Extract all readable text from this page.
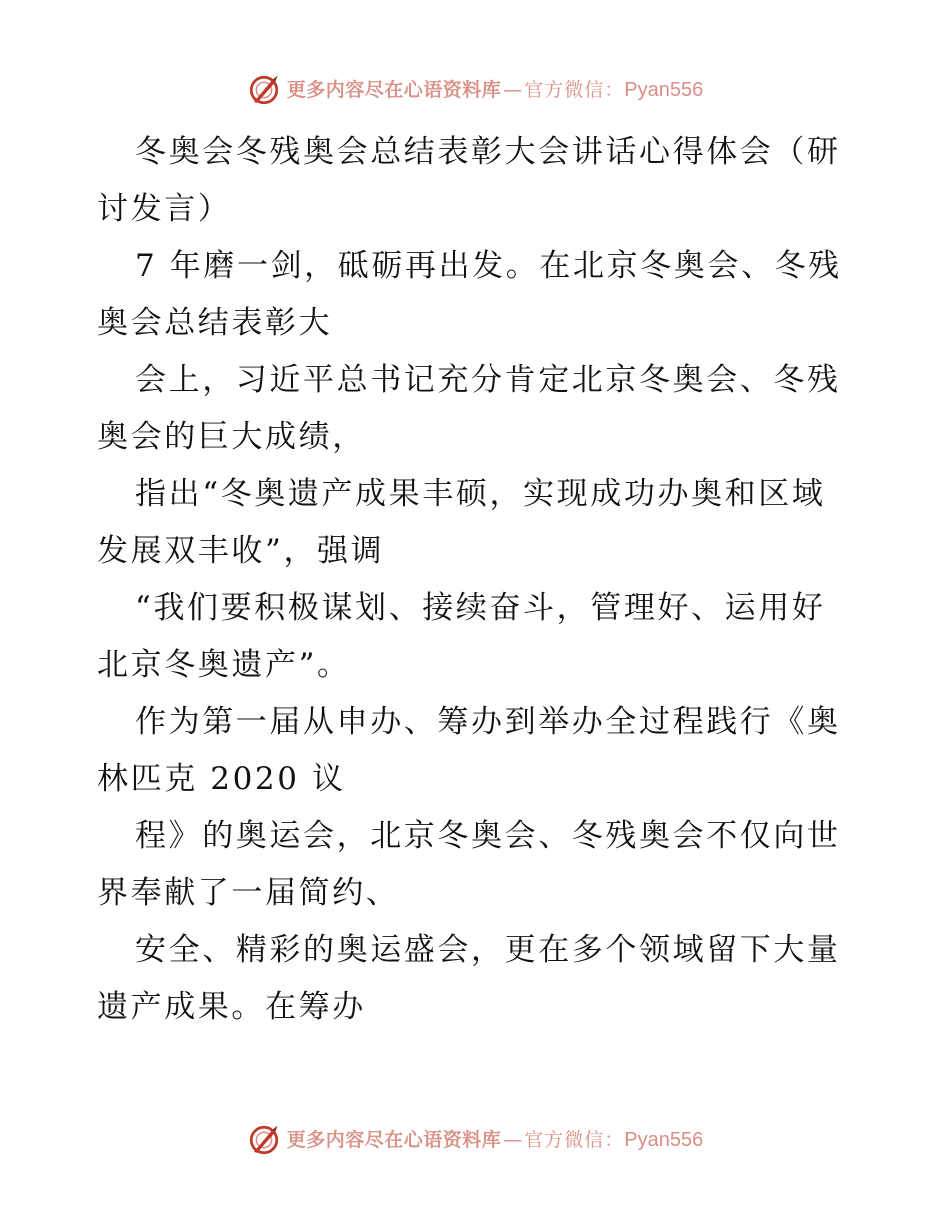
更多内容尽在心语资料库 — 官方微信： Pyan556

冬奥会冬残奥会总结表彰大会讲话心得体会（研讨发言）

7 年磨一剑，砥砺再出发。在北京冬奥会、冬残奥会总结表彰大

会上，习近平总书记充分肯定北京冬奥会、冬残奥会的巨大成绩，

指出“冬奥遗产成果丰硕，实现成功办奥和区域发展双丰收”，强调

“我们要积极谋划、接续奋斗，管理好、运用好北京冬奥遗产”。

作为第一届从申办、筹办到举办全过程践行《奥林匹克 2020 议

程》的奥运会，北京冬奥会、冬残奥会不仅向世界奉献了一届简约、

安全、精彩的奥运盛会，更在多个领域留下大量遗产成果。在筹办

更多内容尽在心语资料库 — 官方微信： Pyan556
